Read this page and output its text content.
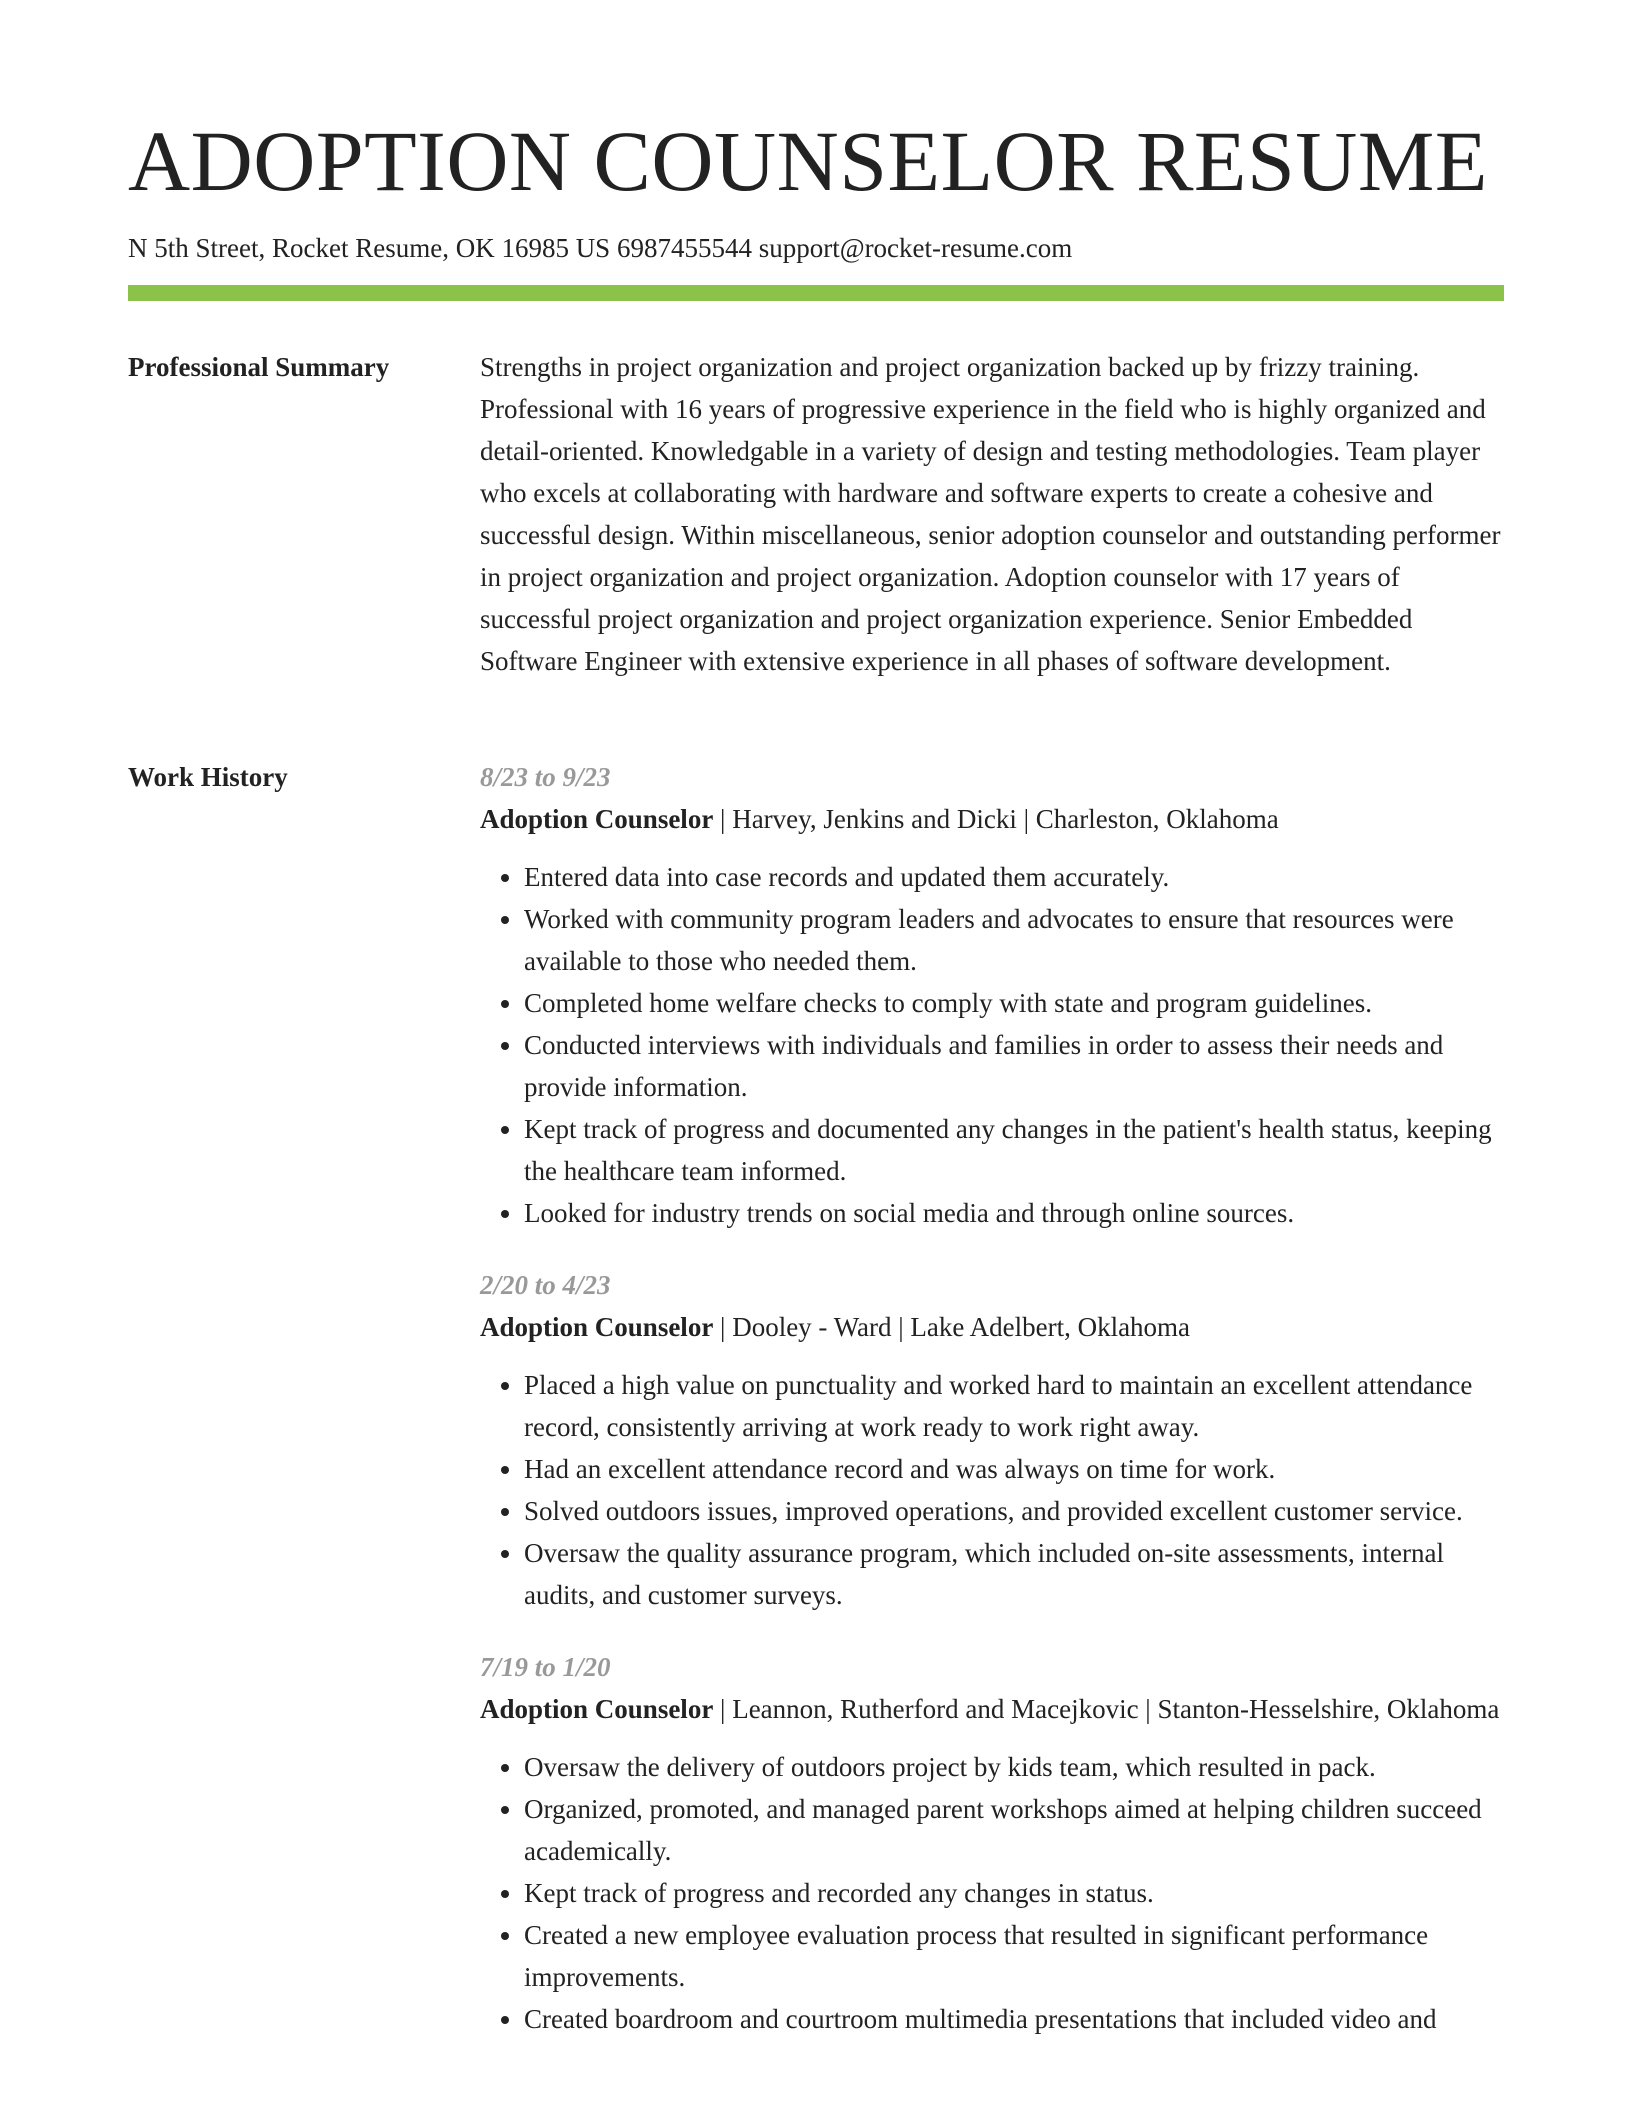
ADOPTION COUNSELOR RESUME
N 5th Street, Rocket Resume, OK 16985 US 6987455544 support@rocket-resume.com
Professional Summary	Strengths in project organization and project organization backed up by frizzy training. Professional with 16 years of progressive experience in the field who is highly organized and detail-oriented. Knowledgable in a variety of design and testing methodologies. Team player who excels at collaborating with hardware and software experts to create a cohesive and successful design. Within miscellaneous, senior adoption counselor and outstanding performer in project organization and project organization. Adoption counselor with 17 years of successful project organization and project organization experience. Senior Embedded Software Engineer with extensive experience in all phases of software development.

Work History	8/23 to 9/23
Adoption Counselor | Harvey, Jenkins and Dicki | Charleston, Oklahoma
• Entered data into case records and updated them accurately.
• Worked with community program leaders and advocates to ensure that resources were available to those who needed them.
• Completed home welfare checks to comply with state and program guidelines.
• Conducted interviews with individuals and families in order to assess their needs and provide information.
• Kept track of progress and documented any changes in the patient's health status, keeping the healthcare team informed.
• Looked for industry trends on social media and through online sources.
2/20 to 4/23
Adoption Counselor | Dooley - Ward | Lake Adelbert, Oklahoma
• Placed a high value on punctuality and worked hard to maintain an excellent attendance record, consistently arriving at work ready to work right away.
• Had an excellent attendance record and was always on time for work.
• Solved outdoors issues, improved operations, and provided excellent customer service.
• Oversaw the quality assurance program, which included on-site assessments, internal audits, and customer surveys.
7/19 to 1/20
Adoption Counselor | Leannon, Rutherford and Macejkovic | Stanton-Hesselshire, Oklahoma
• Oversaw the delivery of outdoors project by kids team, which resulted in pack.
• Organized, promoted, and managed parent workshops aimed at helping children succeed academically.
• Kept track of progress and recorded any changes in status.
• Created a new employee evaluation process that resulted in significant performance improvements.
• Created boardroom and courtroom multimedia presentations that included video and
